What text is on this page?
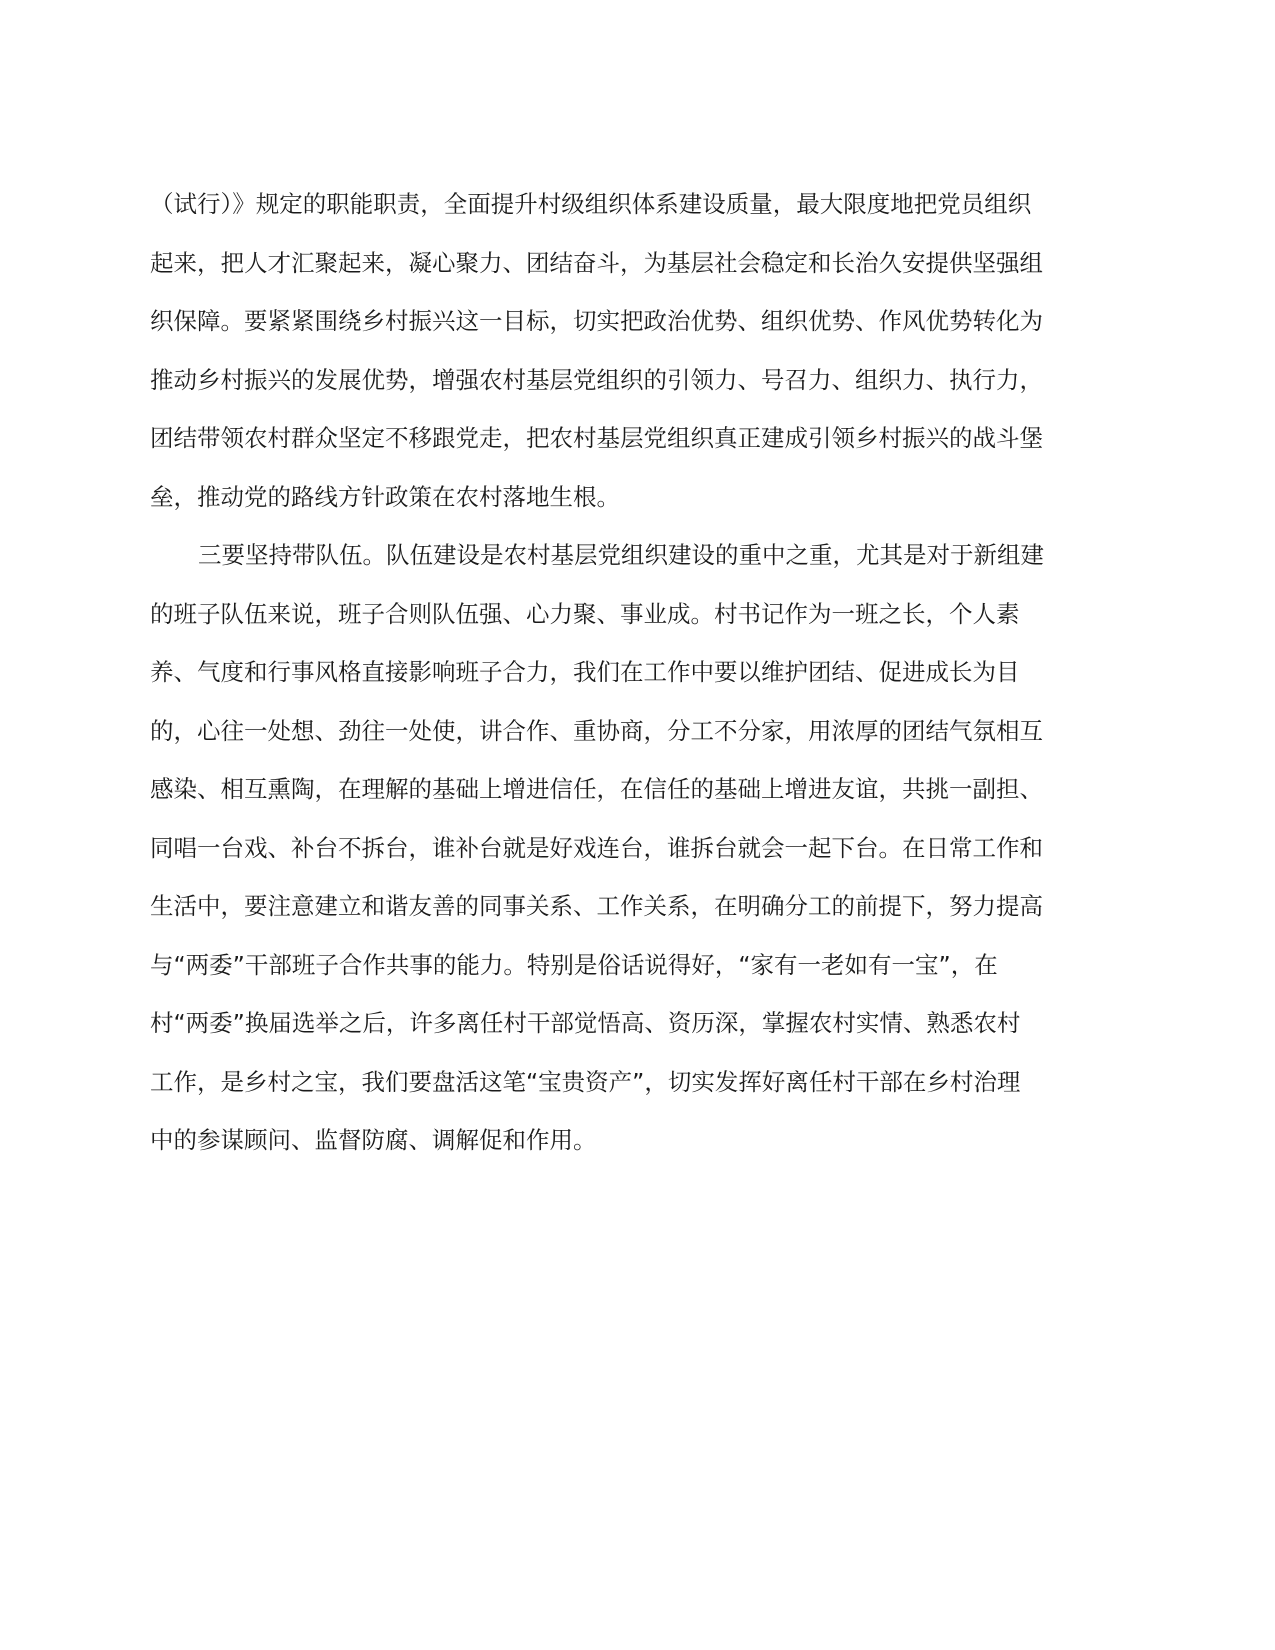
（试行）》规定的职能职责，全面提升村级组织体系建设质量，最大限度地把党员组织
起来，把人才汇聚起来，凝心聚力、团结奋斗，为基层社会稳定和长治久安提供坚强组
织保障。要紧紧围绕乡村振兴这一目标，切实把政治优势、组织优势、作风优势转化为
推动乡村振兴的发展优势，增强农村基层党组织的引领力、号召力、组织力、执行力，
团结带领农村群众坚定不移跟党走，把农村基层党组织真正建成引领乡村振兴的战斗堡
垒，推动党的路线方针政策在农村落地生根。
三要坚持带队伍。队伍建设是农村基层党组织建设的重中之重，尤其是对于新组建
的班子队伍来说，班子合则队伍强、心力聚、事业成。村书记作为一班之长，个人素
养、气度和行事风格直接影响班子合力，我们在工作中要以维护团结、促进成长为目
的，心往一处想、劲往一处使，讲合作、重协商，分工不分家，用浓厚的团结气氛相互
感染、相互熏陶，在理解的基础上增进信任，在信任的基础上增进友谊，共挑一副担、
同唱一台戏、补台不拆台，谁补台就是好戏连台，谁拆台就会一起下台。在日常工作和
生活中，要注意建立和谐友善的同事关系、工作关系，在明确分工的前提下，努力提高
与“两委”干部班子合作共事的能力。特别是俗话说得好，“家有一老如有一宝”，在
村“两委”换届选举之后，许多离任村干部觉悟高、资历深，掌握农村实情、熟悉农村
工作，是乡村之宝，我们要盘活这笔“宝贵资产”，切实发挥好离任村干部在乡村治理
中的参谋顾问、监督防腐、调解促和作用。
